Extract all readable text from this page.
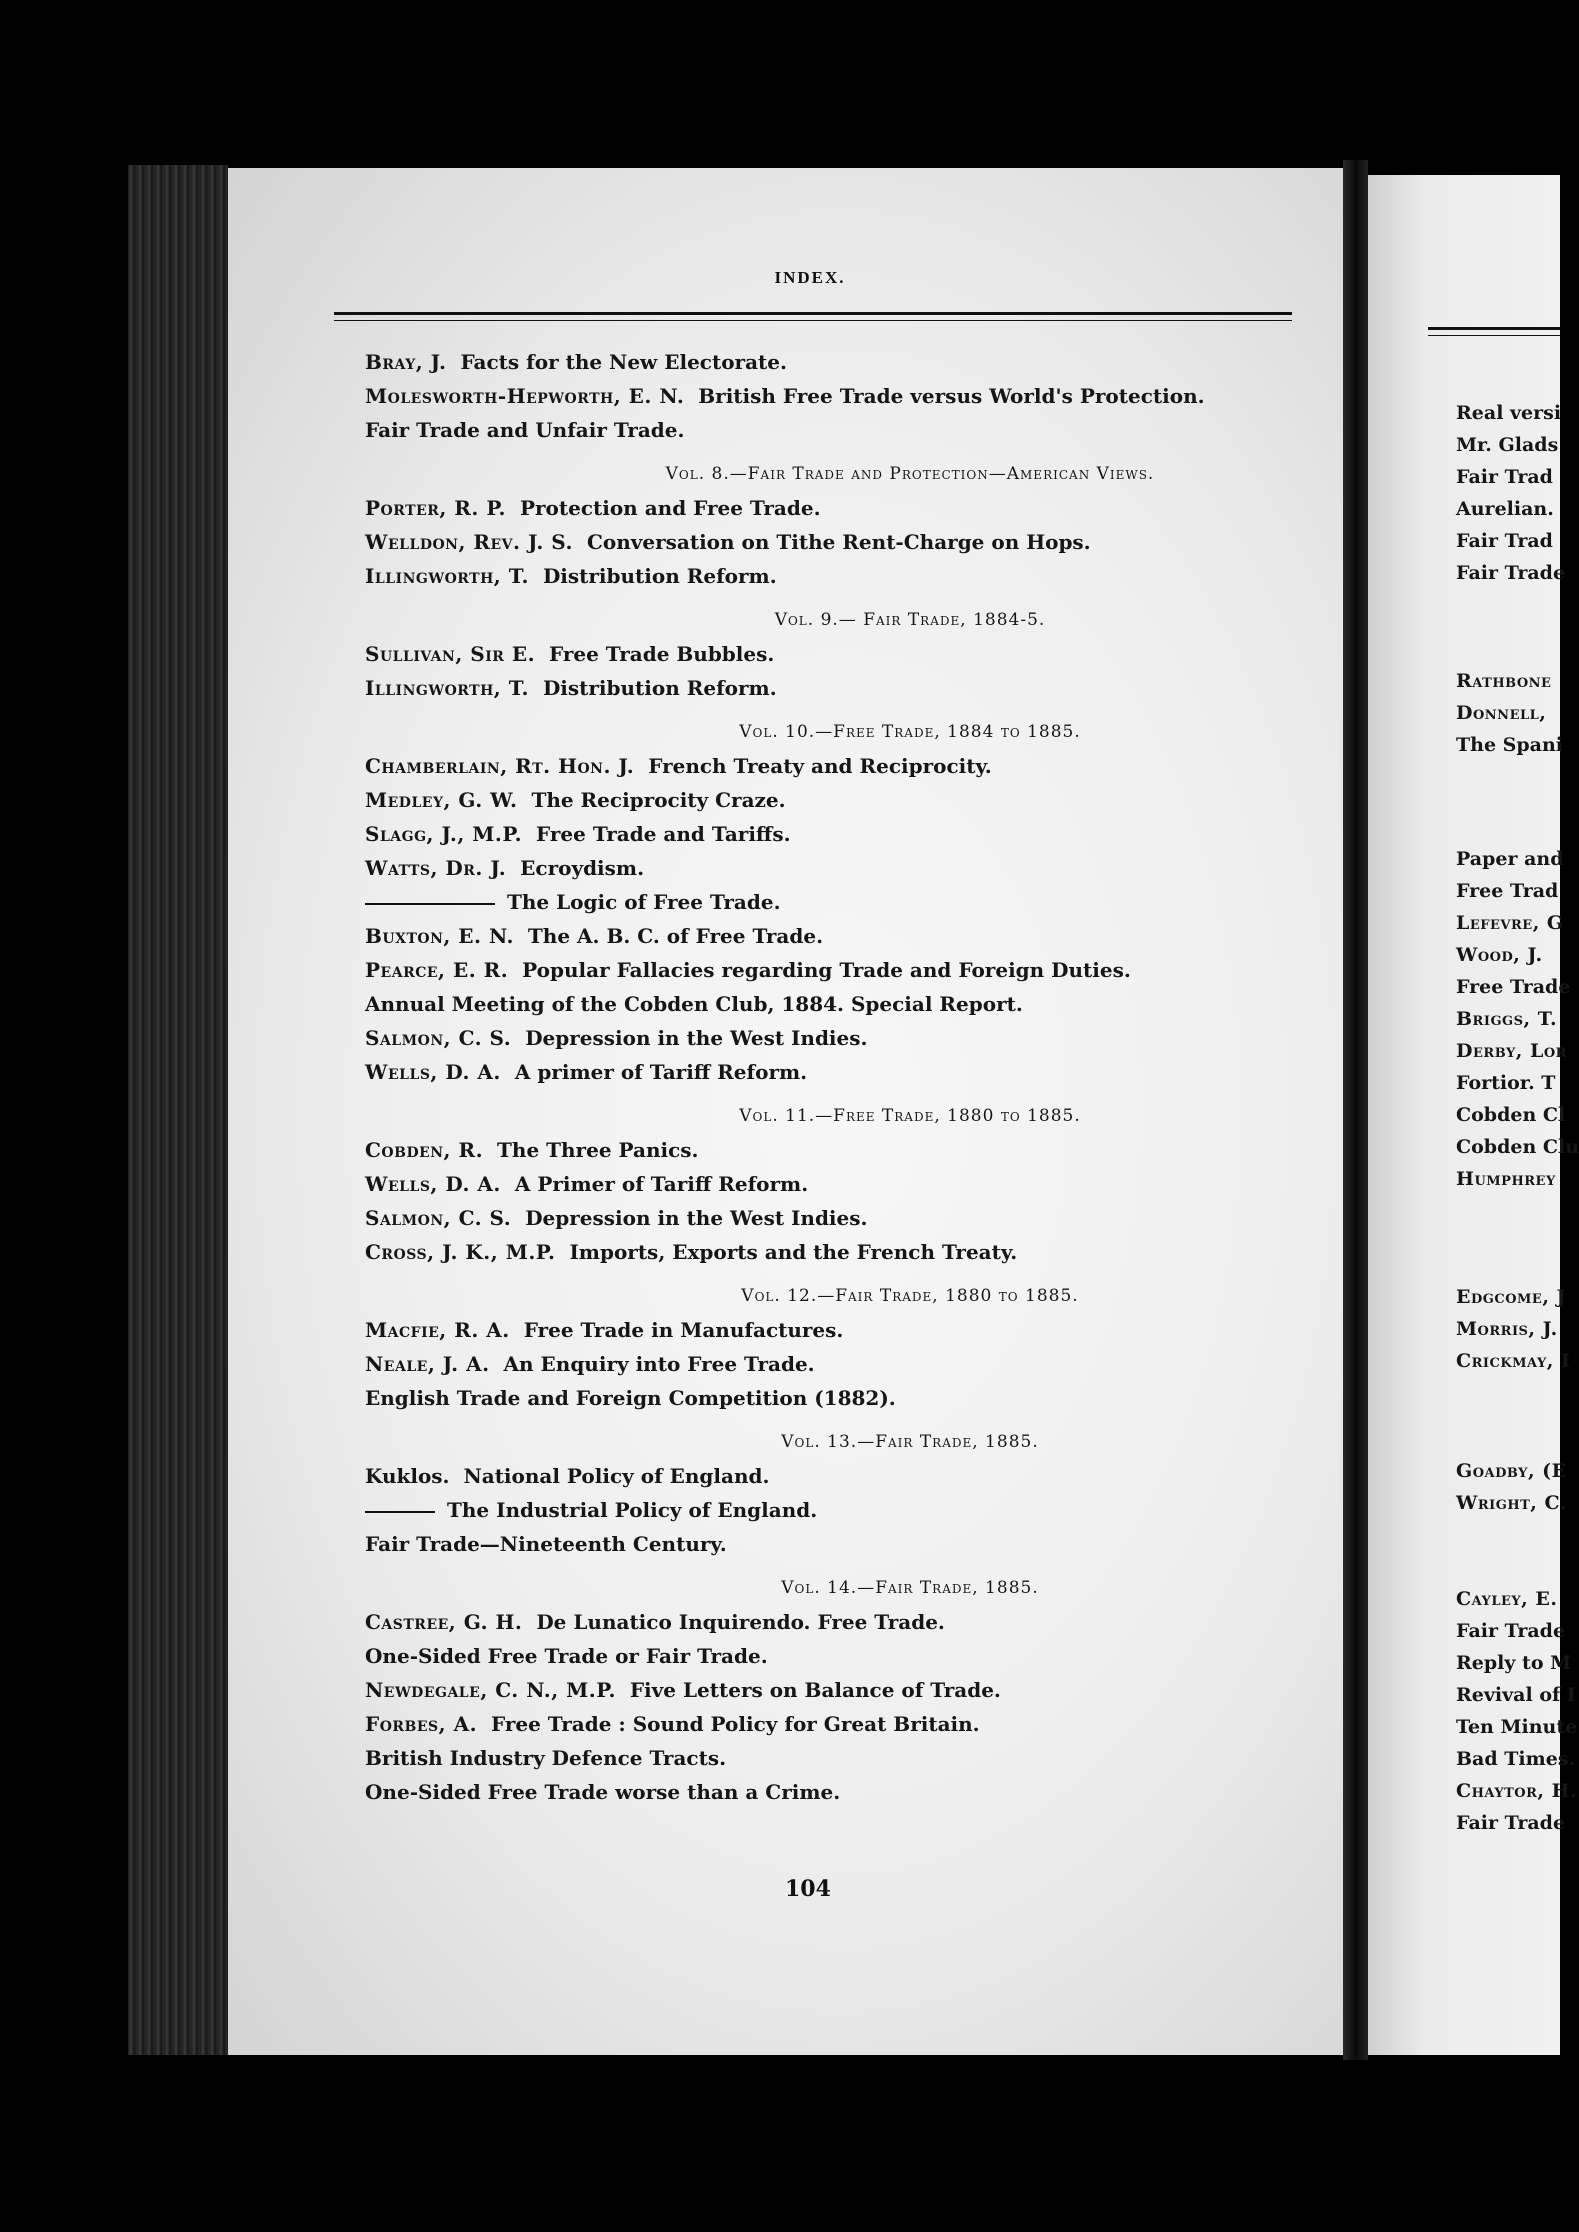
INDEX.
Bray, J. Facts for the New Electorate.
Molesworth-Hepworth, E. N. British Free Trade versus World's Protection.
Fair Trade and Unfair Trade.
Vol. 8.—Fair Trade and Protection—American Views.
Porter, R. P. Protection and Free Trade.
Welldon, Rev. J. S. Conversation on Tithe Rent-Charge on Hops.
Illingworth, T. Distribution Reform.
Vol. 9.— Fair Trade, 1884-5.
Sullivan, Sir E. Free Trade Bubbles.
Illingworth, T. Distribution Reform.
Vol. 10.—Free Trade, 1884 to 1885.
Chamberlain, Rt. Hon. J. French Treaty and Reciprocity.
Medley, G. W. The Reciprocity Craze.
Slagg, J., M.P. Free Trade and Tariffs.
Watts, Dr. J. Ecroydism.
The Logic of Free Trade.
Buxton, E. N. The A. B. C. of Free Trade.
Pearce, E. R. Popular Fallacies regarding Trade and Foreign Duties.
Annual Meeting of the Cobden Club, 1884. Special Report.
Salmon, C. S. Depression in the West Indies.
Wells, D. A. A primer of Tariff Reform.
Vol. 11.—Free Trade, 1880 to 1885.
Cobden, R. The Three Panics.
Wells, D. A. A Primer of Tariff Reform.
Salmon, C. S. Depression in the West Indies.
Cross, J. K., M.P. Imports, Exports and the French Treaty.
Vol. 12.—Fair Trade, 1880 to 1885.
Macfie, R. A. Free Trade in Manufactures.
Neale, J. A. An Enquiry into Free Trade.
English Trade and Foreign Competition (1882).
Vol. 13.—Fair Trade, 1885.
Kuklos. National Policy of England.
The Industrial Policy of England.
Fair Trade—Nineteenth Century.
Vol. 14.—Fair Trade, 1885.
Castree, G. H. De Lunatico Inquirendo. Free Trade.
One-Sided Free Trade or Fair Trade.
Newdegale, C. N., M.P. Five Letters on Balance of Trade.
Forbes, A. Free Trade : Sound Policy for Great Britain.
British Industry Defence Tracts.
One-Sided Free Trade worse than a Crime.
104
Real versi
Mr. Glads
Fair Trad
Aurelian.
Fair Trad
Fair Trade
Rathbone
Donnell,
The Spani
Paper and
Free Trad
Lefevre, G
Wood, J.
Free Trade
Briggs, T.
Derby, Lor
Fortior. T
Cobden Cl
Cobden Clu
Humphrey
Edgcome, J
Morris, J.
Crickmay, I
Goadby, (E
Wright, C.
Cayley, E.
Fair Trade
Reply to M
Revival of I
Ten Minute
Bad Times.
Chaytor, H.
Fair Trade
